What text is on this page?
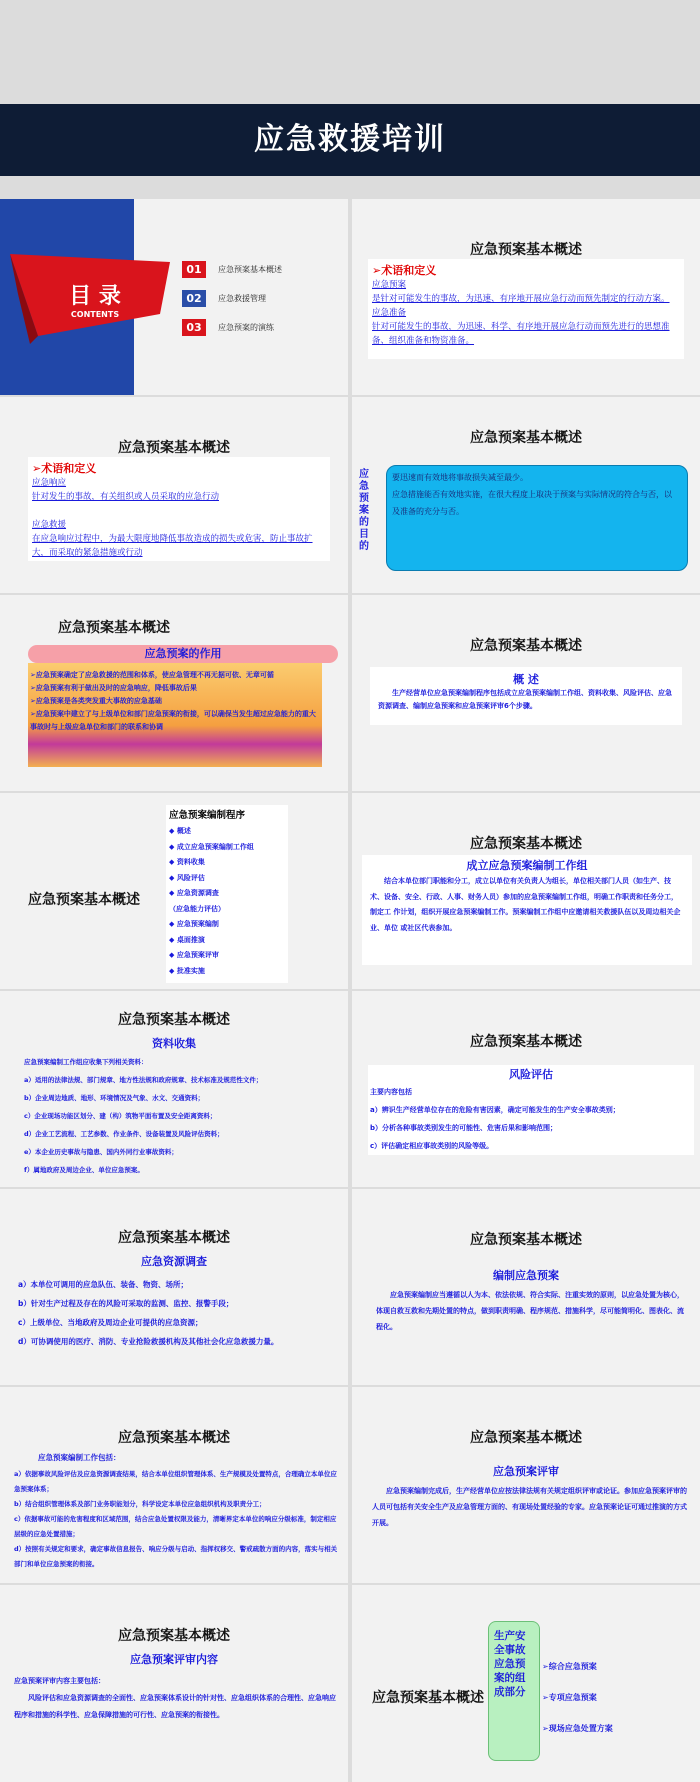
应急救援培训
目 录
CONTENTS
01	应急预案基本概述
02	应急救援管理
03	应急预案的演练
应急预案基本概述

➢术语和定义

应急预案

是针对可能发生的事故，为迅速、有序地开展应急行动而预先制定的行动方案。

应急准备

针对可能发生的事故，为迅速、科学、有序地开展应急行动而预先进行的思想准备、组织准备和物资准备。

应急预案基本概述

➢术语和定义

应急响应

针对发生的事故，有关组织或人员采取的应急行动

应急救援

在应急响应过程中，为最大限度地降低事故造成的损失或危害，防止事故扩大，而采取的紧急措施或行动

应急预案基本概述
应急预案的目的

要迅速而有效地将事故损失减至最少。

应急措施能否有效地实施，在很大程度上取决于预案与实际情况的符合与否，以及准备的充分与否。

应急预案基本概述
应急预案的作用

➢应急预案确定了应急救援的范围和体系，使应急管理不再无据可依、无章可循

➢应急预案有利于做出及时的应急响应，降低事故后果

➢应急预案是各类突发重大事故的应急基础

➢应急预案中建立了与上级单位和部门应急预案的衔接，可以确保当发生超过应急能力的重大事故时与上级应急单位和部门的联系和协调

应急预案基本概述

概 述

生产经营单位应急预案编制程序包括成立应急预案编制工作组、资料收集、风险评估、应急资源调查、编制应急预案和应急预案评审6个步骤。

应急预案基本概述

应急预案编制程序

◆ 概述

◆ 成立应急预案编制工作组

◆ 资料收集

◆ 风险评估

◆ 应急资源调查

（应急能力评估）

◆ 应急预案编制

◆ 桌面推演

◆ 应急预案评审

◆ 批准实施

应急预案基本概述

成立应急预案编制工作组

结合本单位部门职能和分工，成立以单位有关负责人为组长，单位相关部门人员（如生产、技术、设备、安全、行政、人事、财务人员）参加的应急预案编制工作组，明确工作职责和任务分工，制定工 作计划，组织开展应急预案编制工作。预案编制工作组中应邀请相关救援队伍以及周边相关企业、单位 或社区代表参加。

应急预案基本概述
资料收集

应急预案编制工作组应收集下列相关资料：

a）适用的法律法规、部门规章、地方性法规和政府规章、技术标准及规范性文件；

b）企业周边地质、地形、环境情况及气象、水文、交通资料；

c）企业现场功能区划分、建（构）筑物平面布置及安全距离资料；

d）企业工艺流程、工艺参数、作业条件、设备装置及风险评估资料；

e）本企业历史事故与隐患、国内外同行业事故资料；

f）属地政府及周边企业、单位应急预案。

应急预案基本概述

风险评估

主要内容包括

a）辨识生产经营单位存在的危险有害因素，确定可能发生的生产安全事故类别；

b）分析各种事故类别发生的可能性、危害后果和影响范围；

c）评估确定相应事故类别的风险等级。

应急预案基本概述
应急资源调查

a）本单位可调用的应急队伍、装备、物资、场所；

b）针对生产过程及存在的风险可采取的监测、监控、报警手段；

c）上级单位、当地政府及周边企业可提供的应急资源；

d）可协调使用的医疗、消防、专业抢险救援机构及其他社会化应急救援力量。

应急预案基本概述
编制应急预案
应急预案编制应当遵循以人为本、依法依规、符合实际、注重实效的原则，以应急处置为核心，体现自救互救和先期处置的特点，做到职责明确、程序规范、措施科学，尽可能简明化、图表化、流程化。
应急预案基本概述

应急预案编制工作包括：

a）依据事故风险评估及应急资源调查结果，结合本单位组织管理体系、生产规模及处置特点，合理确立本单位应急预案体系；

b）结合组织管理体系及部门业务职能划分，科学设定本单位应急组织机构及职责分工；

c）依据事故可能的危害程度和区域范围，结合应急处置权限及能力，清晰界定本单位的响应分级标准，制定相应层级的应急处置措施；

d）按照有关规定和要求，确定事故信息报告、响应分级与启动、指挥权移交、警戒疏散方面的内容，落实与相关部门和单位应急预案的衔接。

应急预案基本概述
应急预案评审
应急预案编制完成后，生产经营单位应按法律法规有关规定组织评审或论证。参加应急预案评审的 人员可包括有关安全生产及应急管理方面的、有现场处置经验的专家。应急预案论证可通过推演的方式开展。
应急预案基本概述
应急预案评审内容

应急预案评审内容主要包括：

风险评估和应急资源调查的全面性、应急预案体系设计的针对性、应急组织体系的合理性、应急响应程序和措施的科学性、应急保障措施的可行性、应急预案的衔接性。

应急预案基本概述
生产安全事故应急预案的组成部分

➢综合应急预案

➢专项应急预案

➢现场应急处置方案
